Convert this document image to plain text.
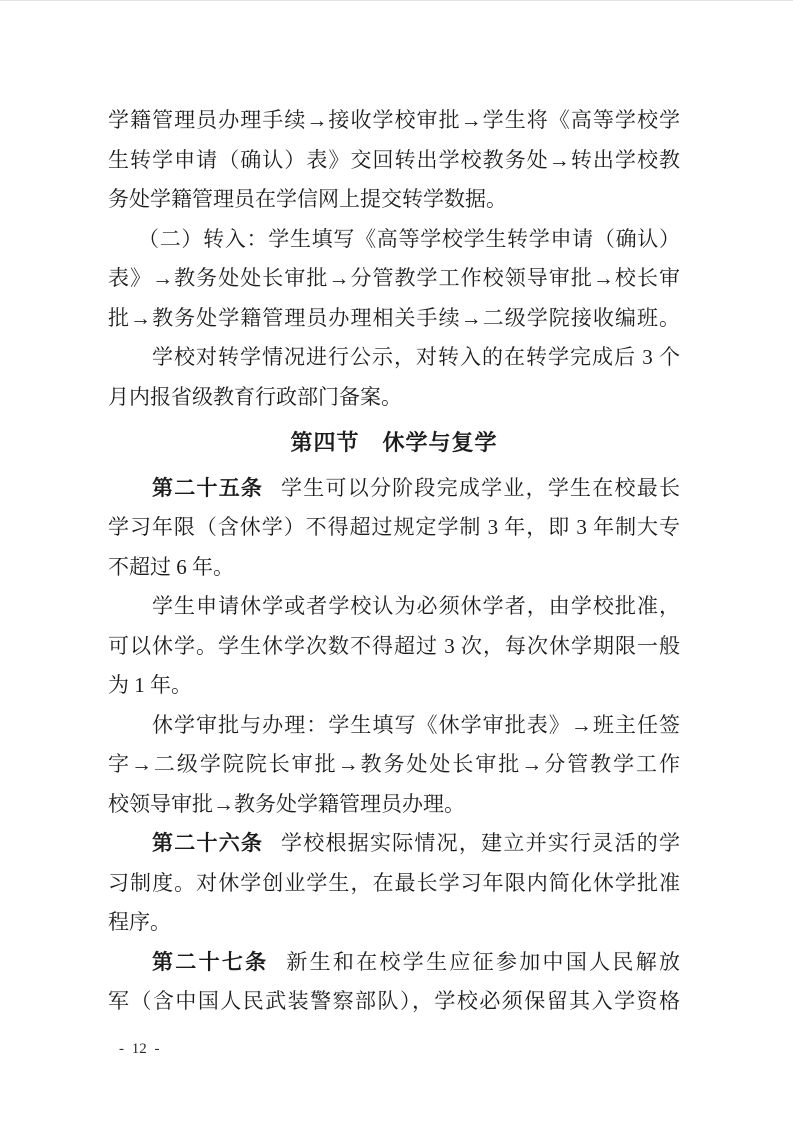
学籍管理员办理手续→接收学校审批→学生将《高等学校学
生转学申请（确认）表》交回转出学校教务处→转出学校教
务处学籍管理员在学信网上提交转学数据。
（二）转入：学生填写《高等学校学生转学申请（确认）
表》→教务处处长审批→分管教学工作校领导审批→校长审
批→教务处学籍管理员办理相关手续→二级学院接收编班。
学校对转学情况进行公示，对转入的在转学完成后 3 个
月内报省级教育行政部门备案。
第四节　休学与复学
第二十五条 学生可以分阶段完成学业，学生在校最长
学习年限（含休学）不得超过规定学制 3 年，即 3 年制大专
不超过 6 年。
学生申请休学或者学校认为必须休学者，由学校批准，
可以休学。学生休学次数不得超过 3 次，每次休学期限一般
为 1 年。
休学审批与办理：学生填写《休学审批表》→班主任签
字→二级学院院长审批→教务处处长审批→分管教学工作
校领导审批→教务处学籍管理员办理。
第二十六条 学校根据实际情况，建立并实行灵活的学
习制度。对休学创业学生，在最长学习年限内简化休学批准
程序。
第二十七条 新生和在校学生应征参加中国人民解放
军（含中国人民武装警察部队），学校必须保留其入学资格
- 12 -
